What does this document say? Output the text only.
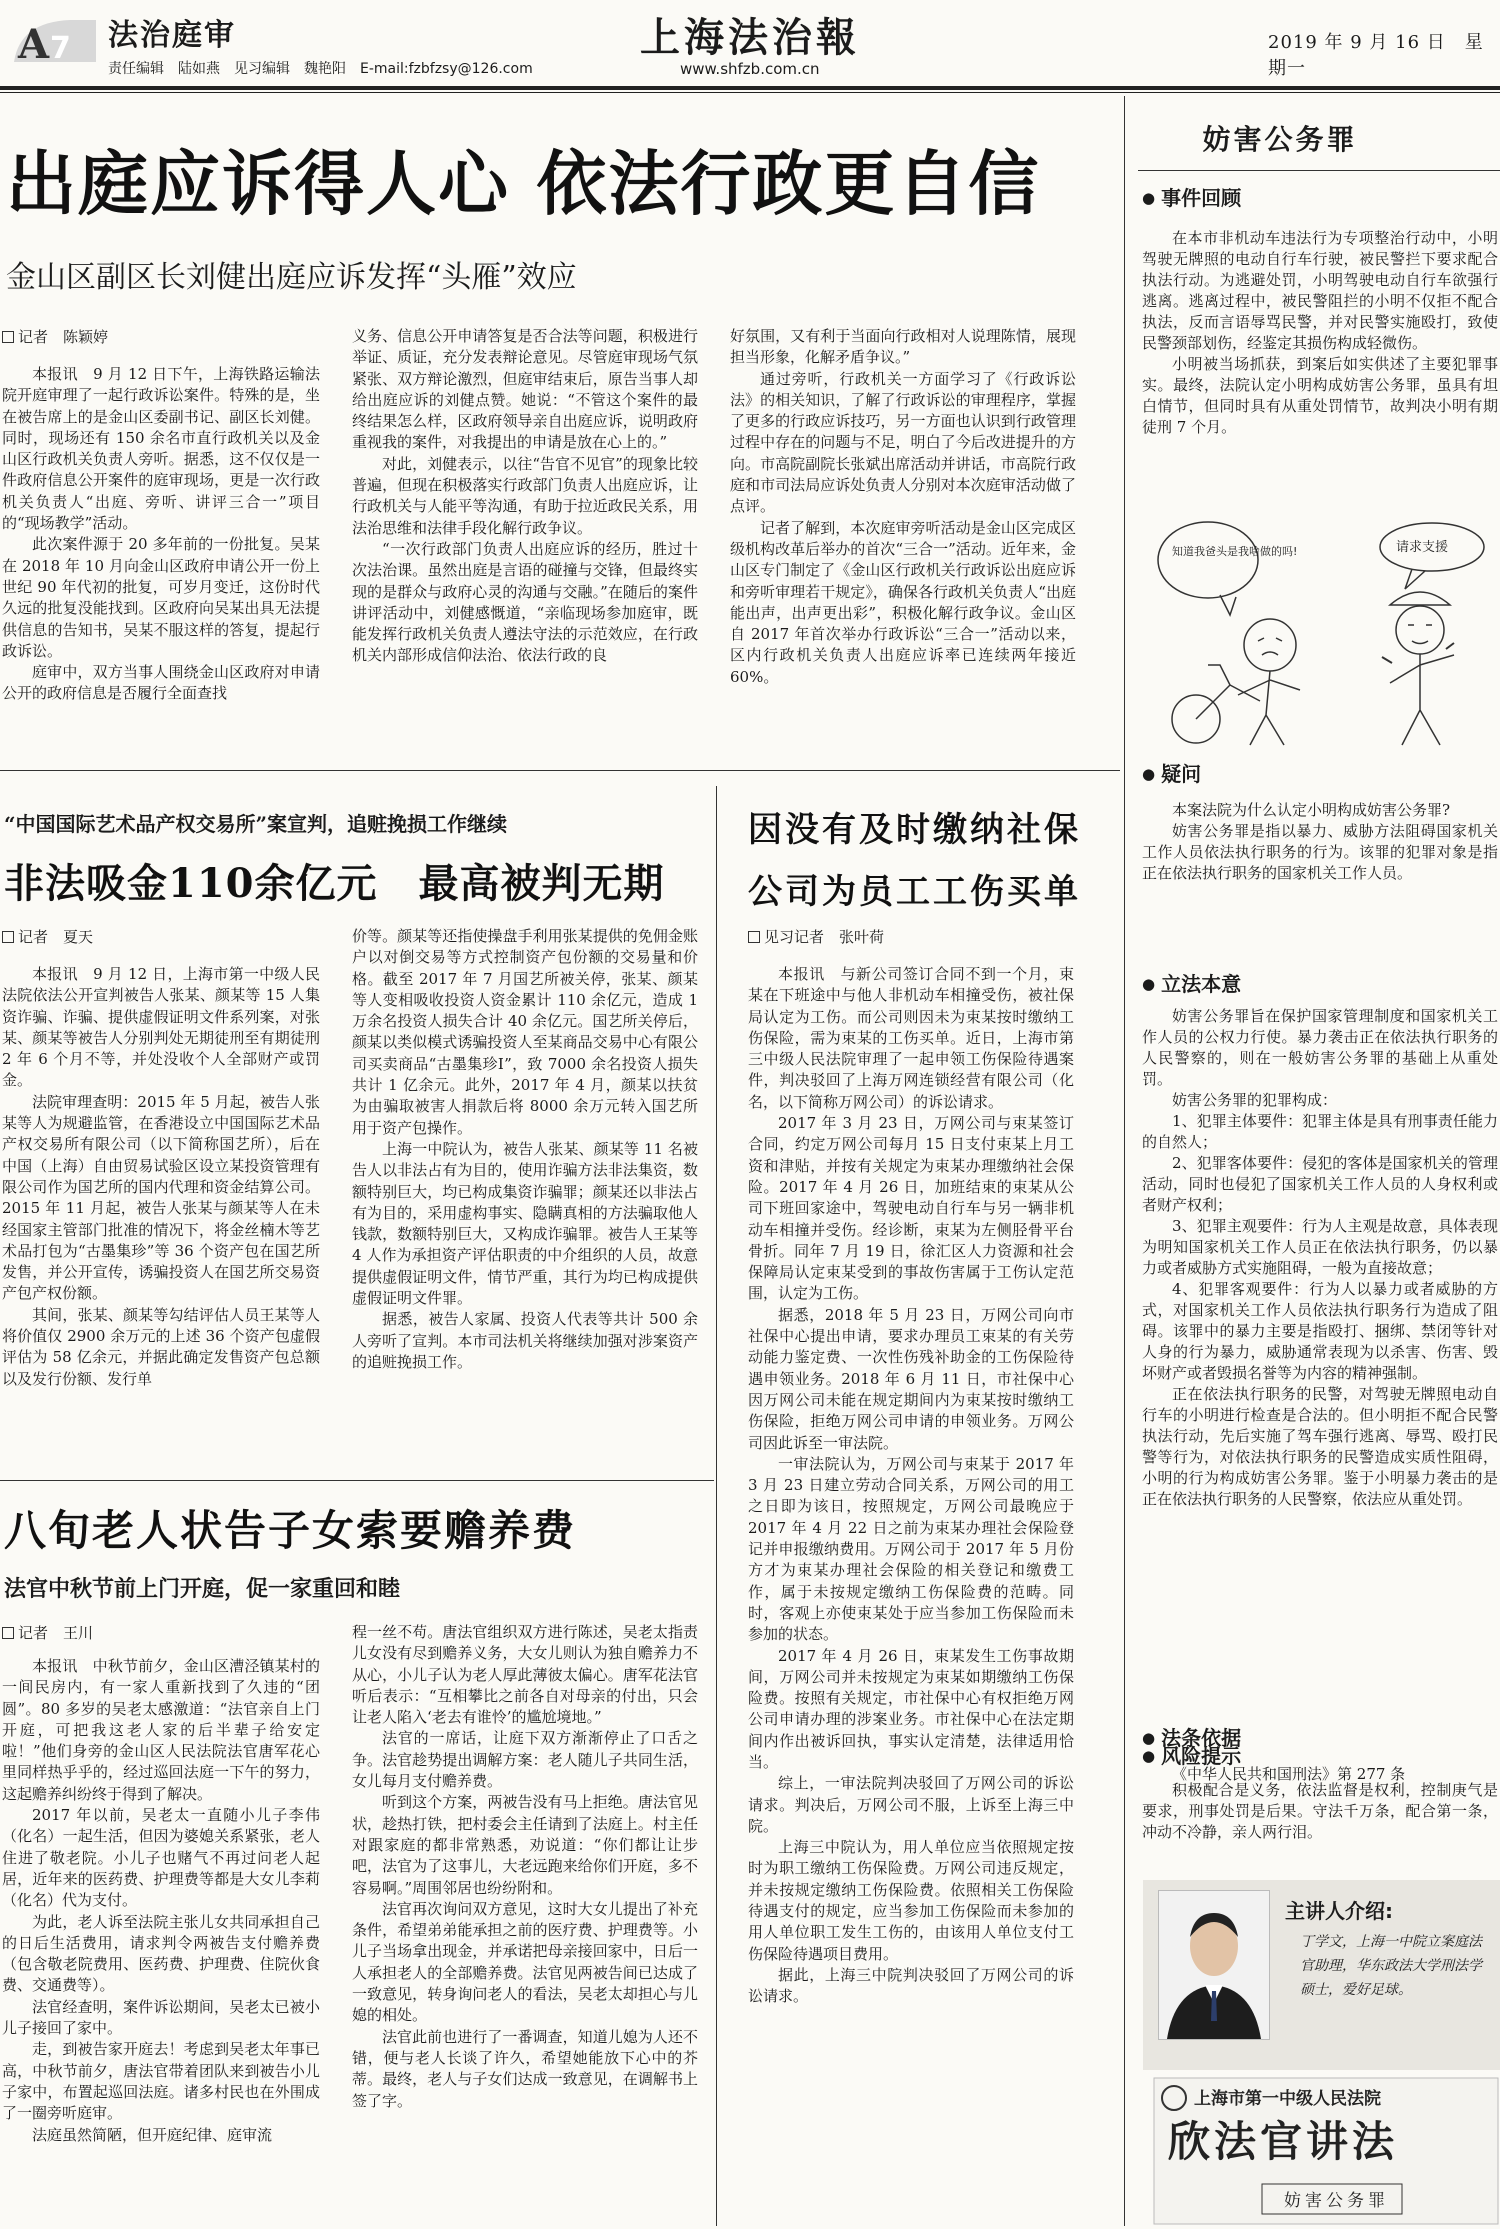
A 7 法治庭审
责任编辑　陆如燕　见习编辑　魏艳阳　E-mail:fzbfzsy@126.com
上海法治報
www.shfzb.com.cn
2019 年 9 月 16 日　星期一
出庭应诉得人心 依法行政更自信
金山区副区长刘健出庭应诉发挥“头雁”效应
记者　陈颖婷

本报讯　9 月 12 日下午，上海铁路运输法院开庭审理了一起行政诉讼案件。特殊的是，坐在被告席上的是金山区委副书记、副区长刘健。同时，现场还有 150 余名市直行政机关以及金山区行政机关负责人旁听。据悉，这不仅仅是一件政府信息公开案件的庭审现场，更是一次行政机关负责人“出庭、旁听、讲评三合一”项目的“现场教学”活动。

此次案件源于 20 多年前的一份批复。吴某在 2018 年 10 月向金山区政府申请公开一份上世纪 90 年代初的批复，可岁月变迁，这份时代久远的批复没能找到。区政府向吴某出具无法提供信息的告知书，吴某不服这样的答复，提起行政诉讼。

庭审中，双方当事人围绕金山区政府对申请公开的政府信息是否履行全面查找

义务、信息公开申请答复是否合法等问题，积极进行举证、质证，充分发表辩论意见。尽管庭审现场气氛紧张、双方辩论激烈，但庭审结束后，原告当事人却给出庭应诉的刘健点赞。她说：“不管这个案件的最终结果怎么样，区政府领导亲自出庭应诉，说明政府重视我的案件，对我提出的申请是放在心上的。”

对此，刘健表示，以往“告官不见官”的现象比较普遍，但现在积极落实行政部门负责人出庭应诉，让行政机关与人能平等沟通，有助于拉近政民关系，用法治思维和法律手段化解行政争议。

“一次行政部门负责人出庭应诉的经历，胜过十次法治课。虽然出庭是言语的碰撞与交锋，但最终实现的是群众与政府心灵的沟通与交融。”在随后的案件讲评活动中，刘健感慨道，“亲临现场参加庭审，既能发挥行政机关负责人遵法守法的示范效应，在行政机关内部形成信仰法治、依法行政的良

好氛围，又有利于当面向行政相对人说理陈情，展现担当形象，化解矛盾争议。”

通过旁听，行政机关一方面学习了《行政诉讼法》的相关知识，了解了行政诉讼的审理程序，掌握了更多的行政应诉技巧，另一方面也认识到行政管理过程中存在的问题与不足，明白了今后改进提升的方向。市高院副院长张斌出席活动并讲话，市高院行政庭和市司法局应诉处负责人分别对本次庭审活动做了点评。

记者了解到，本次庭审旁听活动是金山区完成区级机构改革后举办的首次“三合一”活动。近年来，金山区专门制定了《金山区行政机关行政诉讼出庭应诉和旁听审理若干规定》，确保各行政机关负责人“出庭能出声，出声更出彩”，积极化解行政争议。金山区自 2017 年首次举办行政诉讼“三合一”活动以来，区内行政机关负责人出庭应诉率已连续两年接近 60%。

“中国国际艺术品产权交易所”案宣判，追赃挽损工作继续
非法吸金110余亿元　最高被判无期
记者　夏天

本报讯　9 月 12 日，上海市第一中级人民法院依法公开宣判被告人张某、颜某等 15 人集资诈骗、诈骗、提供虚假证明文件系列案，对张某、颜某等被告人分别判处无期徒刑至有期徒刑 2 年 6 个月不等，并处没收个人全部财产或罚金。

法院审理查明：2015 年 5 月起，被告人张某等人为规避监管，在香港设立中国国际艺术品产权交易所有限公司（以下简称国艺所），后在中国（上海）自由贸易试验区设立某投资管理有限公司作为国艺所的国内代理和资金结算公司。2015 年 11 月起，被告人张某与颜某等人在未经国家主管部门批准的情况下，将金丝楠木等艺术品打包为“古墨集珍”等 36 个资产包在国艺所发售，并公开宣传，诱骗投资人在国艺所交易资产包产权份额。

其间，张某、颜某等勾结评估人员王某等人将价值仅 2900 余万元的上述 36 个资产包虚假评估为 58 亿余元，并据此确定发售资产包总额以及发行份额、发行单

价等。颜某等还指使操盘手利用张某提供的免佣金账户以对倒交易等方式控制资产包份额的交易量和价格。截至 2017 年 7 月国艺所被关停，张某、颜某等人变相吸收投资人资金累计 110 余亿元，造成 1 万余名投资人损失合计 40 余亿元。国艺所关停后，颜某以类似模式诱骗投资人至某商品交易中心有限公司买卖商品“古墨集珍Ⅰ”，致 7000 余名投资人损失共计 1 亿余元。此外，2017 年 4 月，颜某以扶贫为由骗取被害人捐款后将 8000 余万元转入国艺所用于资产包操作。

上海一中院认为，被告人张某、颜某等 11 名被告人以非法占有为目的，使用诈骗方法非法集资，数额特别巨大，均已构成集资诈骗罪；颜某还以非法占有为目的，采用虚构事实、隐瞒真相的方法骗取他人钱款，数额特别巨大，又构成诈骗罪。被告人王某等 4 人作为承担资产评估职责的中介组织的人员，故意提供虚假证明文件，情节严重，其行为均已构成提供虚假证明文件罪。

据悉，被告人家属、投资人代表等共计 500 余人旁听了宣判。本市司法机关将继续加强对涉案资产的追赃挽损工作。

因没有及时缴纳社保
公司为员工工伤买单
见习记者　张叶荷

本报讯　与新公司签订合同不到一个月，束某在下班途中与他人非机动车相撞受伤，被社保局认定为工伤。而公司则因未为束某按时缴纳工伤保险，需为束某的工伤买单。近日，上海市第三中级人民法院审理了一起申领工伤保险待遇案件，判决驳回了上海万网连锁经营有限公司（化名，以下简称万网公司）的诉讼请求。

2017 年 3 月 23 日，万网公司与束某签订合同，约定万网公司每月 15 日支付束某上月工资和津贴，并按有关规定为束某办理缴纳社会保险。2017 年 4 月 26 日，加班结束的束某从公司下班回家途中，驾驶电动自行车与另一辆非机动车相撞并受伤。经诊断，束某为左侧胫骨平台骨折。同年 7 月 19 日，徐汇区人力资源和社会保障局认定束某受到的事故伤害属于工伤认定范围，认定为工伤。

据悉，2018 年 5 月 23 日，万网公司向市社保中心提出申请，要求办理员工束某的有关劳动能力鉴定费、一次性伤残补助金的工伤保险待遇申领业务。2018 年 6 月 11 日，市社保中心因万网公司未能在规定期间内为束某按时缴纳工伤保险，拒绝万网公司申请的申领业务。万网公司因此诉至一审法院。

一审法院认为，万网公司与束某于 2017 年 3 月 23 日建立劳动合同关系，万网公司的用工之日即为该日，按照规定，万网公司最晚应于 2017 年 4 月 22 日之前为束某办理社会保险登记并申报缴纳费用。万网公司于 2017 年 5 月份方才为束某办理社会保险的相关登记和缴费工作，属于未按规定缴纳工伤保险费的范畴。同时，客观上亦使束某处于应当参加工伤保险而未参加的状态。

2017 年 4 月 26 日，束某发生工伤事故期间，万网公司并未按规定为束某如期缴纳工伤保险费。按照有关规定，市社保中心有权拒绝万网公司申请办理的涉案业务。市社保中心在法定期间内作出被诉回执，事实认定清楚，法律适用恰当。

综上，一审法院判决驳回了万网公司的诉讼请求。判决后，万网公司不服，上诉至上海三中院。

上海三中院认为，用人单位应当依照规定按时为职工缴纳工伤保险费。万网公司违反规定，并未按规定缴纳工伤保险费。依照相关工伤保险待遇支付的规定，应当参加工伤保险而未参加的用人单位职工发生工伤的，由该用人单位支付工伤保险待遇项目费用。

据此，上海三中院判决驳回了万网公司的诉讼请求。

八旬老人状告子女索要赡养费
法官中秋节前上门开庭，促一家重回和睦
记者　王川

本报讯　中秋节前夕，金山区漕泾镇某村的一间民房内，有一家人重新找到了久违的“团圆”。80 多岁的吴老太感激道：“法官亲自上门开庭，可把我这老人家的后半辈子给安定啦！”他们身旁的金山区人民法院法官唐军花心里同样热乎乎的，经过巡回法庭一下午的努力，这起赡养纠纷终于得到了解决。

2017 年以前，吴老太一直随小儿子李伟（化名）一起生活，但因为婆媳关系紧张，老人住进了敬老院。小儿子也赌气不再过问老人起居，近年来的医药费、护理费等都是大女儿李莉（化名）代为支付。

为此，老人诉至法院主张儿女共同承担自己的日后生活费用，请求判令两被告支付赡养费（包含敬老院费用、医药费、护理费、住院伙食费、交通费等）。

法官经查明，案件诉讼期间，吴老太已被小儿子接回了家中。

走，到被告家开庭去！考虑到吴老太年事已高，中秋节前夕，唐法官带着团队来到被告小儿子家中，布置起巡回法庭。诸多村民也在外围成了一圈旁听庭审。

法庭虽然简陋，但开庭纪律、庭审流

程一丝不苟。唐法官组织双方进行陈述，吴老太指责儿女没有尽到赡养义务，大女儿则认为独自赡养力不从心，小儿子认为老人厚此薄彼太偏心。唐军花法官听后表示：“互相攀比之前各自对母亲的付出，只会让老人陷入‘老去有谁怜’的尴尬境地。”

法官的一席话，让庭下双方渐渐停止了口舌之争。法官趁势提出调解方案：老人随儿子共同生活，女儿每月支付赡养费。

听到这个方案，两被告没有马上拒绝。唐法官见状，趁热打铁，把村委会主任请到了法庭上。村主任对跟家庭的都非常熟悉，劝说道：“你们都让让步吧，法官为了这事儿，大老远跑来给你们开庭，多不容易啊。”周围邻居也纷纷附和。

法官再次询问双方意见，这时大女儿提出了补充条件，希望弟弟能承担之前的医疗费、护理费等。小儿子当场拿出现金，并承诺把母亲接回家中，日后一人承担老人的全部赡养费。法官见两被告间已达成了一致意见，转身询问老人的看法，吴老太却担心与儿媳的相处。

法官此前也进行了一番调查，知道儿媳为人还不错，便与老人长谈了许久，希望她能放下心中的芥蒂。最终，老人与子女们达成一致意见，在调解书上签了字。

妨害公务罪
● 事件回顾

在本市非机动车违法行为专项整治行动中，小明驾驶无牌照的电动自行车行驶，被民警拦下要求配合执法行动。为逃避处罚，小明驾驶电动自行车欲强行逃离。逃离过程中，被民警阻拦的小明不仅拒不配合执法，反而言语辱骂民警，并对民警实施殴打，致使民警颈部划伤，经鉴定其损伤构成轻微伤。

小明被当场抓获，到案后如实供述了主要犯罪事实。最终，法院认定小明构成妨害公务罪，虽具有坦白情节，但同时具有从重处罚情节，故判决小明有期徒刑 7 个月。

知道我爸头是我啥做的吗!	请求支援
● 疑问

本案法院为什么认定小明构成妨害公务罪?

妨害公务罪是指以暴力、威胁方法阻碍国家机关工作人员依法执行职务的行为。该罪的犯罪对象是指正在依法执行职务的国家机关工作人员。

● 立法本意

妨害公务罪旨在保护国家管理制度和国家机关工作人员的公权力行使。暴力袭击正在依法执行职务的人民警察的，则在一般妨害公务罪的基础上从重处罚。

妨害公务罪的犯罪构成：

1、犯罪主体要件：犯罪主体是具有刑事责任能力的自然人；

2、犯罪客体要件：侵犯的客体是国家机关的管理活动，同时也侵犯了国家机关工作人员的人身权利或者财产权利；

3、犯罪主观要件：行为人主观是故意，具体表现为明知国家机关工作人员正在依法执行职务，仍以暴力或者威胁方式实施阻碍，一般为直接故意；

4、犯罪客观要件：行为人以暴力或者威胁的方式，对国家机关工作人员依法执行职务行为造成了阻碍。该罪中的暴力主要是指殴打、捆绑、禁闭等针对人身的行为暴力，威胁通常表现为以杀害、伤害、毁坏财产或者毁损名誉等为内容的精神强制。

正在依法执行职务的民警，对驾驶无牌照电动自行车的小明进行检查是合法的。但小明拒不配合民警执法行动，先后实施了驾车强行逃离、辱骂、殴打民警等行为，对依法执行职务的民警造成实质性阻碍，小明的行为构成妨害公务罪。鉴于小明暴力袭击的是正在依法执行职务的人民警察，依法应从重处罚。

● 法条依据

《中华人民共和国刑法》第 277 条

● 风险提示

积极配合是义务，依法监督是权利，控制庚气是要求，刑事处罚是后果。守法千万条，配合第一条，冲动不冷静，亲人两行泪。

主讲人介绍:
丁学文，上海一中院立案庭法官助理，华东政法大学刑法学硕士，爱好足球。
上海市第一中级人民法院
欣法官讲法
妨害公务罪
